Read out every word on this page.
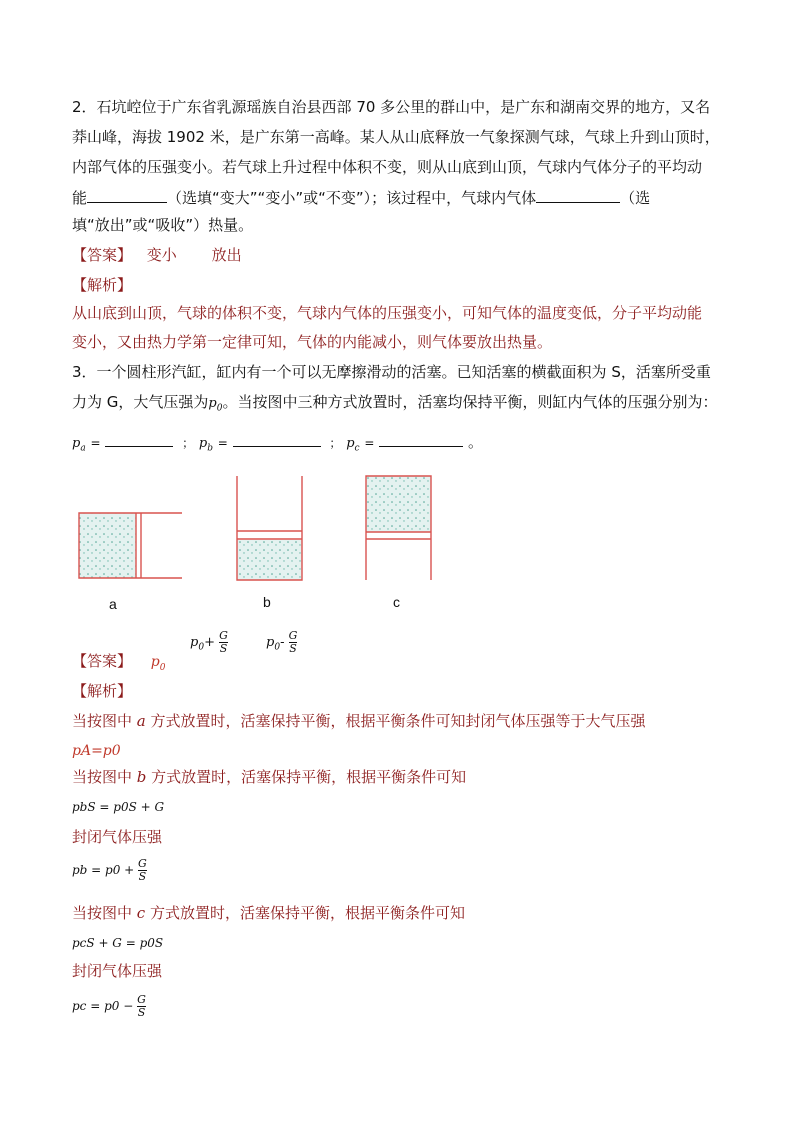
2．石坑崆位于广东省乳源瑶族自治县西部 70 多公里的群山中，是广东和湖南交界的地方，又名
莽山峰，海拔 1902 米，是广东第一高峰。某人从山底释放一气象探测气球，气球上升到山顶时，
内部气体的压强变小。若气球上升过程中体积不变，则从山底到山顶，气球内气体分子的平均动
能	（选填“变大”“变小”或“不变”）；该过程中，气球内气体	（选
填“放出”或“吸收”）热量。
【答案】 变小 放出
【解析】
从山底到山顶，气球的体积不变，气球内气体的压强变小，可知气体的温度变低，分子平均动能
变小，又由热力学第一定律可知，气体的内能减小，则气体要放出热量。
3．一个圆柱形汽缸，缸内有一个可以无摩擦滑动的活塞。已知活塞的横截面积为 S，活塞所受重
力为 G，大气压强为$p_0$。当按图中三种方式放置时，活塞均保持平衡，则缸内气体的压强分别为：
$p_a$ =	； $p_b$ =	； $p_c$ =	。
a	b	c
【答案】 $p_0$
$p_0+ \frac{G}{S}$	$p_0- \frac{G}{S}$
【解析】
当按图中 a 方式放置时，活塞保持平衡，根据平衡条件可知封闭气体压强等于大气压强
pA=p0
当按图中 b 方式放置时，活塞保持平衡，根据平衡条件可知
pbS = p0S + G
封闭气体压强
pb = $p0 + \frac{G}{S}$
当按图中 c 方式放置时，活塞保持平衡，根据平衡条件可知
pcS + G = p0S
封闭气体压强
pc = $p0 - \frac{G}{S}$
